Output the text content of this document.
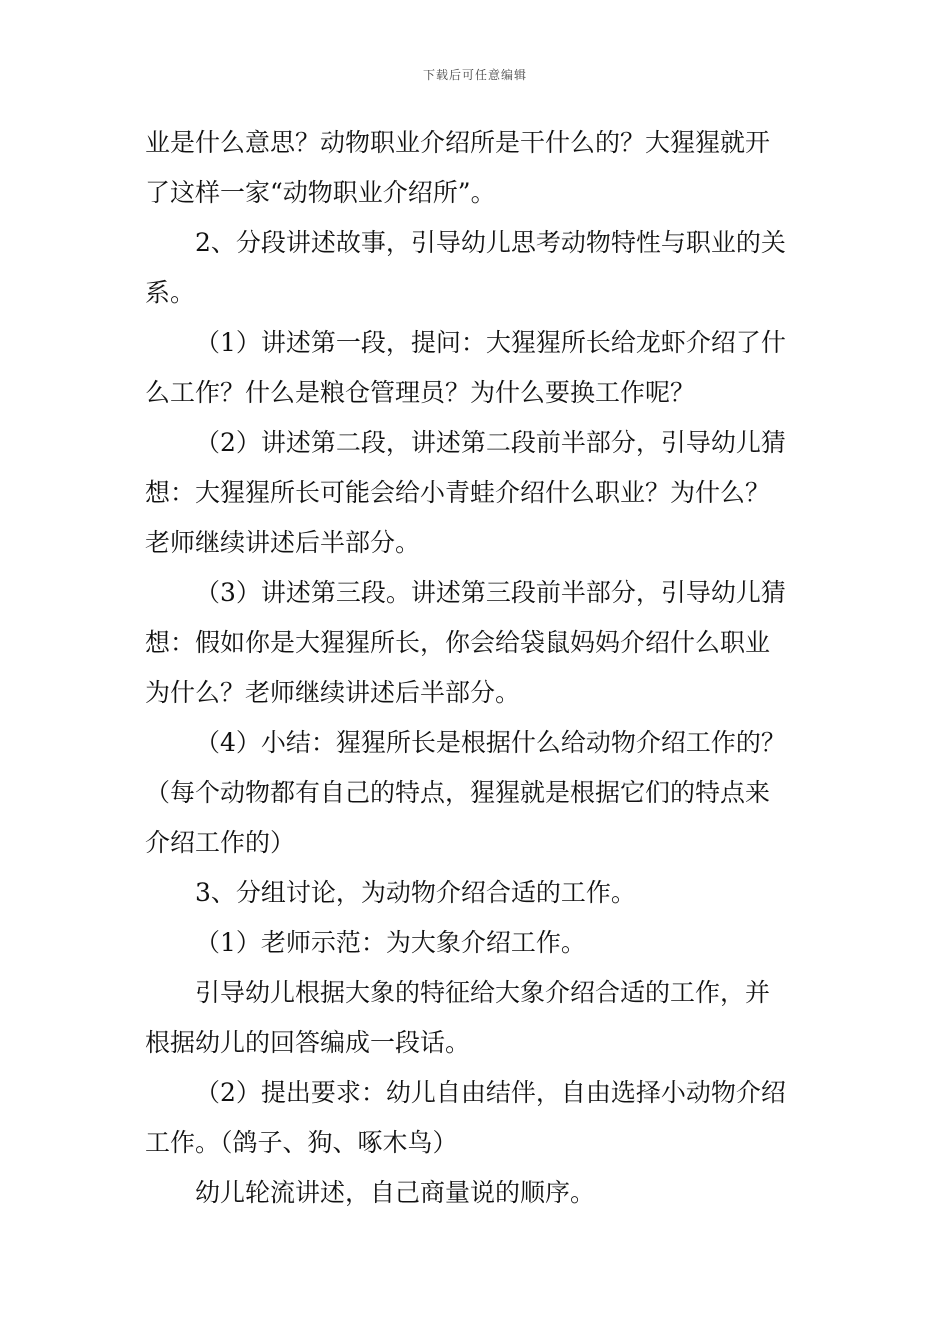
下载后可任意编辑
业是什么意思？动物职业介绍所是干什么的？大猩猩就开
了这样一家“动物职业介绍所”。
2、分段讲述故事，引导幼儿思考动物特性与职业的关
系。
（1）讲述第一段，提问：大猩猩所长给龙虾介绍了什
么工作？什么是粮仓管理员？为什么要换工作呢？
（2）讲述第二段，讲述第二段前半部分，引导幼儿猜
想：大猩猩所长可能会给小青蛙介绍什么职业？为什么？
老师继续讲述后半部分。
（3）讲述第三段。讲述第三段前半部分，引导幼儿猜
想：假如你是大猩猩所长，你会给袋鼠妈妈介绍什么职业
为什么？老师继续讲述后半部分。
（4）小结：猩猩所长是根据什么给动物介绍工作的？
（每个动物都有自己的特点，猩猩就是根据它们的特点来
介绍工作的）
3、分组讨论，为动物介绍合适的工作。
（1）老师示范：为大象介绍工作。
引导幼儿根据大象的特征给大象介绍合适的工作，并
根据幼儿的回答编成一段话。
（2）提出要求：幼儿自由结伴，自由选择小动物介绍
工作。（鸽子、狗、啄木鸟）
幼儿轮流讲述，自己商量说的顺序。
